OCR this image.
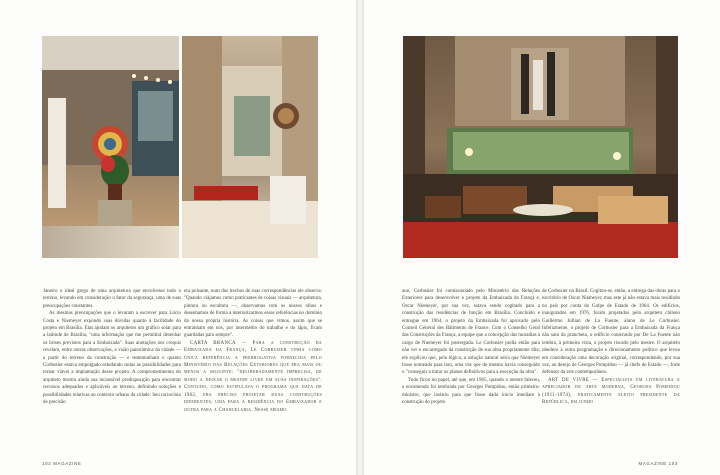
Janeiro o ideal grego de uma arquitetura que envolvesse todo o terreno, levando em consideração o fator da segurança, uma de suas preocupações constantes.

As mesmas preocupações que o levaram a escrever para Lúcio Costa e Niemeyer expondo suas dúvidas quanto à facilidade do projeto em Brasília. Elas ajudam os arquitetos um gráfico solar para a latitude de Brasília, "uma informação que me permitirá desenhar os brises previstos para a Embaixada". Suas anotações nos croquis revelam, entre outras observações, a visão panorâmica da cidade — a partir do terreno da construção — e testemunham o quanto Corbusier estava empolgado estudando todas as possibilidades para tornar viável a implantação desse projeto. A comprometimento do arquiteto mostra ainda sua incansável predisposição para encontrar recursos adequados e aplicáveis ao terreno, definindo soluções e possibilidades relativas ao contexto urbano da cidade. Seu raciocínio de precisão

era pulsante, num dos trechos de suas correspondências ele observa: "Quando viajamos como praticantes de coisas visuais — arquitetura, pintura ou escultura —, observamos com os nossos olhos e desenhamos de forma a interiorizarmos essas referências no domínio da nossa própria história. As coisas que vimos, assim que se entranham em nós, por intermédio do trabalho e do lápis, ficam guardadas para sempre".

CARTA BRANCA — Para a construção da Embaixada da França, Le Corbusier tinha como única referência a prerrogativa fornecida pelo Ministério das Relações Exteriores que era mais ou menos a seguinte: "deliberadamente imprecisa, de modo a deixar o mestre livre em suas inspirações". Contudo, como estipulava o programa que data de 1962, era preciso projetar duas construções diferentes, uma para a residência do Embaixador e outra para a Chancelaria. Nesse mesmo

102 MAGAZINE

ano, Corbusier foi comissionado pelo Ministério das Relações Exteriores para desenvolver o projeto da Embaixada da França e, Oscar Niemeyer, por sua vez, estava sendo cogitado para a construção das residências de função em Brasília. Concluído e entregue em 1964, o projeto da Embaixada foi aprovado pelo Conseil Général des Bâtiments de France. Com o Conselho Geral das Construções da França, a equipe que a concepção das moradias à cargo de Niemeyer foi postergada. Le Corbusier podia então para não ver o encarregado da construção de sua obra propriamente dita; ele explicou que, pela lógica, a solução natural seria que Niemeyer fosse nomeado para isso, uma vez que de mesmo havia conseguido o "conseguir a tratar os planos definitivos para a execução da obra".

Tudo ficou no papel, até que, em 1965, quando o mestre faleceu, a encomenda foi lembrada por Georges Pompidou, então primeiro-ministro, que insistiu para que fosse dado início imediato à construção do projeto

de Corbusier no Brasil. Cogitou-se, então, a entrega das obras para o escritório de Oscar Niemeyer, mas este já não estava mais residindo no país por conta do Golpe de Estado de 1964. Os edifícios, inaugurados em 1976, foram projetados pelo arquiteto chileno Guillermo Jullian de La Fuente, aluno de Le Corbusier. Infelizmente, o projeto de Corbusier para a Embaixada da França não saiu da prancheta, o edifício construído por De La Fuente não lembra, à primeira vista, o projeto riscado pelo mestre. O arquiteto obedece à outra programação e direcionamento político que levou em consideração uma decoração original, correspondendo, por sua vez, ao desejo de Georges Pompidou — já chefe de Estado —, forte defensor da arte contemporânea.

ART DE VIVRE — Especialista em literatura e apreciador de arte moderna, Georges Pompidou (1911-1974), praticamente eleito presidente da República, em junho

MAGAZINE 103
